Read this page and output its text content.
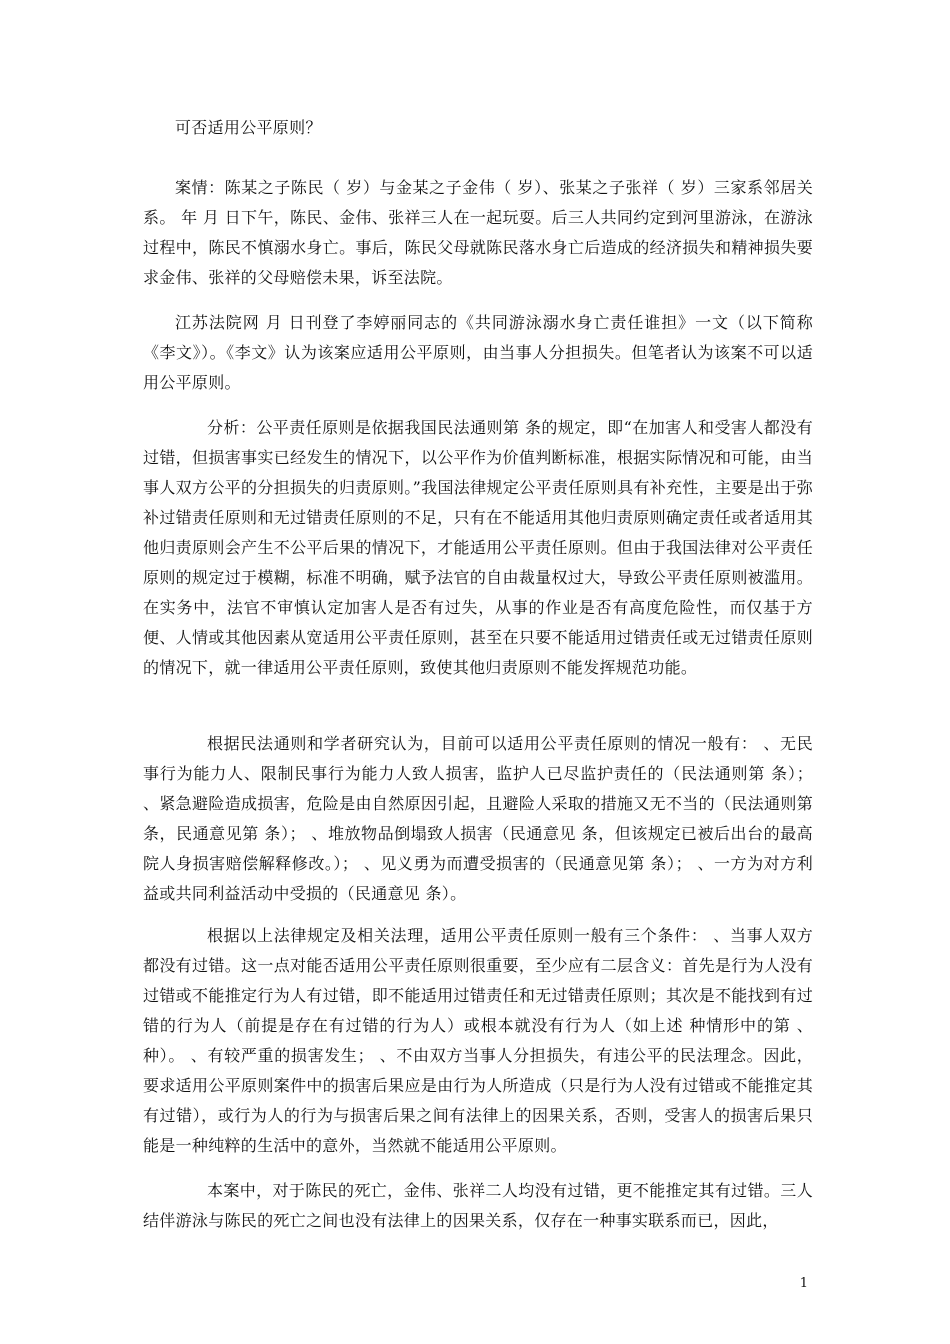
可否适用公平原则？

案情：陈某之子陈民（ 岁）与金某之子金伟（ 岁）、张某之子张祥（ 岁）三家系邻居关系。 年 月 日下午，陈民、金伟、张祥三人在一起玩耍。后三人共同约定到河里游泳，在游泳过程中，陈民不慎溺水身亡。事后，陈民父母就陈民落水身亡后造成的经济损失和精神损失要求金伟、张祥的父母赔偿未果，诉至法院。

江苏法院网 月 日刊登了李婷丽同志的《共同游泳溺水身亡责任谁担》一文（以下简称《李文》）。《李文》认为该案应适用公平原则，由当事人分担损失。但笔者认为该案不可以适用公平原则。

分析：公平责任原则是依据我国民法通则第 条的规定，即“在加害人和受害人都没有过错，但损害事实已经发生的情况下，以公平作为价值判断标准，根据实际情况和可能，由当事人双方公平的分担损失的归责原则。”我国法律规定公平责任原则具有补充性，主要是出于弥补过错责任原则和无过错责任原则的不足，只有在不能适用其他归责原则确定责任或者适用其他归责原则会产生不公平后果的情况下，才能适用公平责任原则。但由于我国法律对公平责任原则的规定过于模糊，标准不明确，赋予法官的自由裁量权过大，导致公平责任原则被滥用。在实务中，法官不审慎认定加害人是否有过失，从事的作业是否有高度危险性，而仅基于方便、人情或其他因素从宽适用公平责任原则，甚至在只要不能适用过错责任或无过错责任原则的情况下，就一律适用公平责任原则，致使其他归责原则不能发挥规范功能。

根据民法通则和学者研究认为，目前可以适用公平责任原则的情况一般有： 、无民事行为能力人、限制民事行为能力人致人损害，监护人已尽监护责任的（民法通则第 条）； 、紧急避险造成损害，危险是由自然原因引起，且避险人采取的措施又无不当的（民法通则第 条，民通意见第 条）； 、堆放物品倒塌致人损害（民通意见 条，但该规定已被后出台的最高院人身损害赔偿解释修改。）； 、见义勇为而遭受损害的（民通意见第 条）； 、一方为对方利益或共同利益活动中受损的（民通意见 条）。

根据以上法律规定及相关法理，适用公平责任原则一般有三个条件： 、当事人双方都没有过错。这一点对能否适用公平责任原则很重要，至少应有二层含义：首先是行为人没有过错或不能推定行为人有过错，即不能适用过错责任和无过错责任原则；其次是不能找到有过错的行为人（前提是存在有过错的行为人）或根本就没有行为人（如上述 种情形中的第 、 种）。 、有较严重的损害发生； 、不由双方当事人分担损失，有违公平的民法理念。因此，要求适用公平原则案件中的损害后果应是由行为人所造成（只是行为人没有过错或不能推定其有过错），或行为人的行为与损害后果之间有法律上的因果关系，否则，受害人的损害后果只能是一种纯粹的生活中的意外，当然就不能适用公平原则。

本案中，对于陈民的死亡，金伟、张祥二人均没有过错，更不能推定其有过错。三人结伴游泳与陈民的死亡之间也没有法律上的因果关系，仅存在一种事实联系而已，因此，

1
